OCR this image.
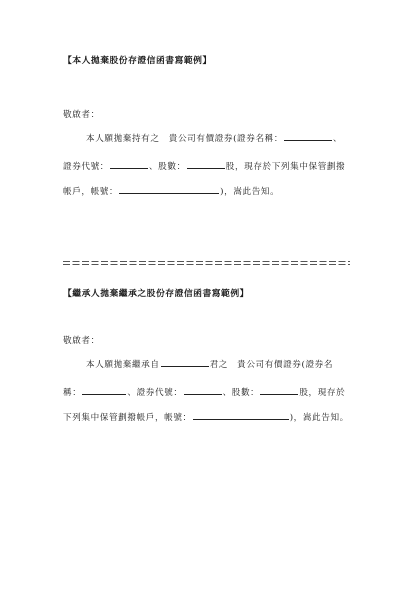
【本人拋棄股份存證信函書寫範例】
敬啟者：
本人願拋棄持有之　貴公司有價證券(證券名稱：	、
證券代號：	、股數：	股，現存於下列集中保管劃撥
帳戶，帳號：	)，嵩此告知。
【繼承人拋棄繼承之股份存證信函書寫範例】
敬啟者：
本人願拋棄繼承自	君之　貴公司有價證券(證券名
稱：	、證券代號：	、股數：	股，現存於
下列集中保管劃撥帳戶，帳號：	)，嵩此告知。
